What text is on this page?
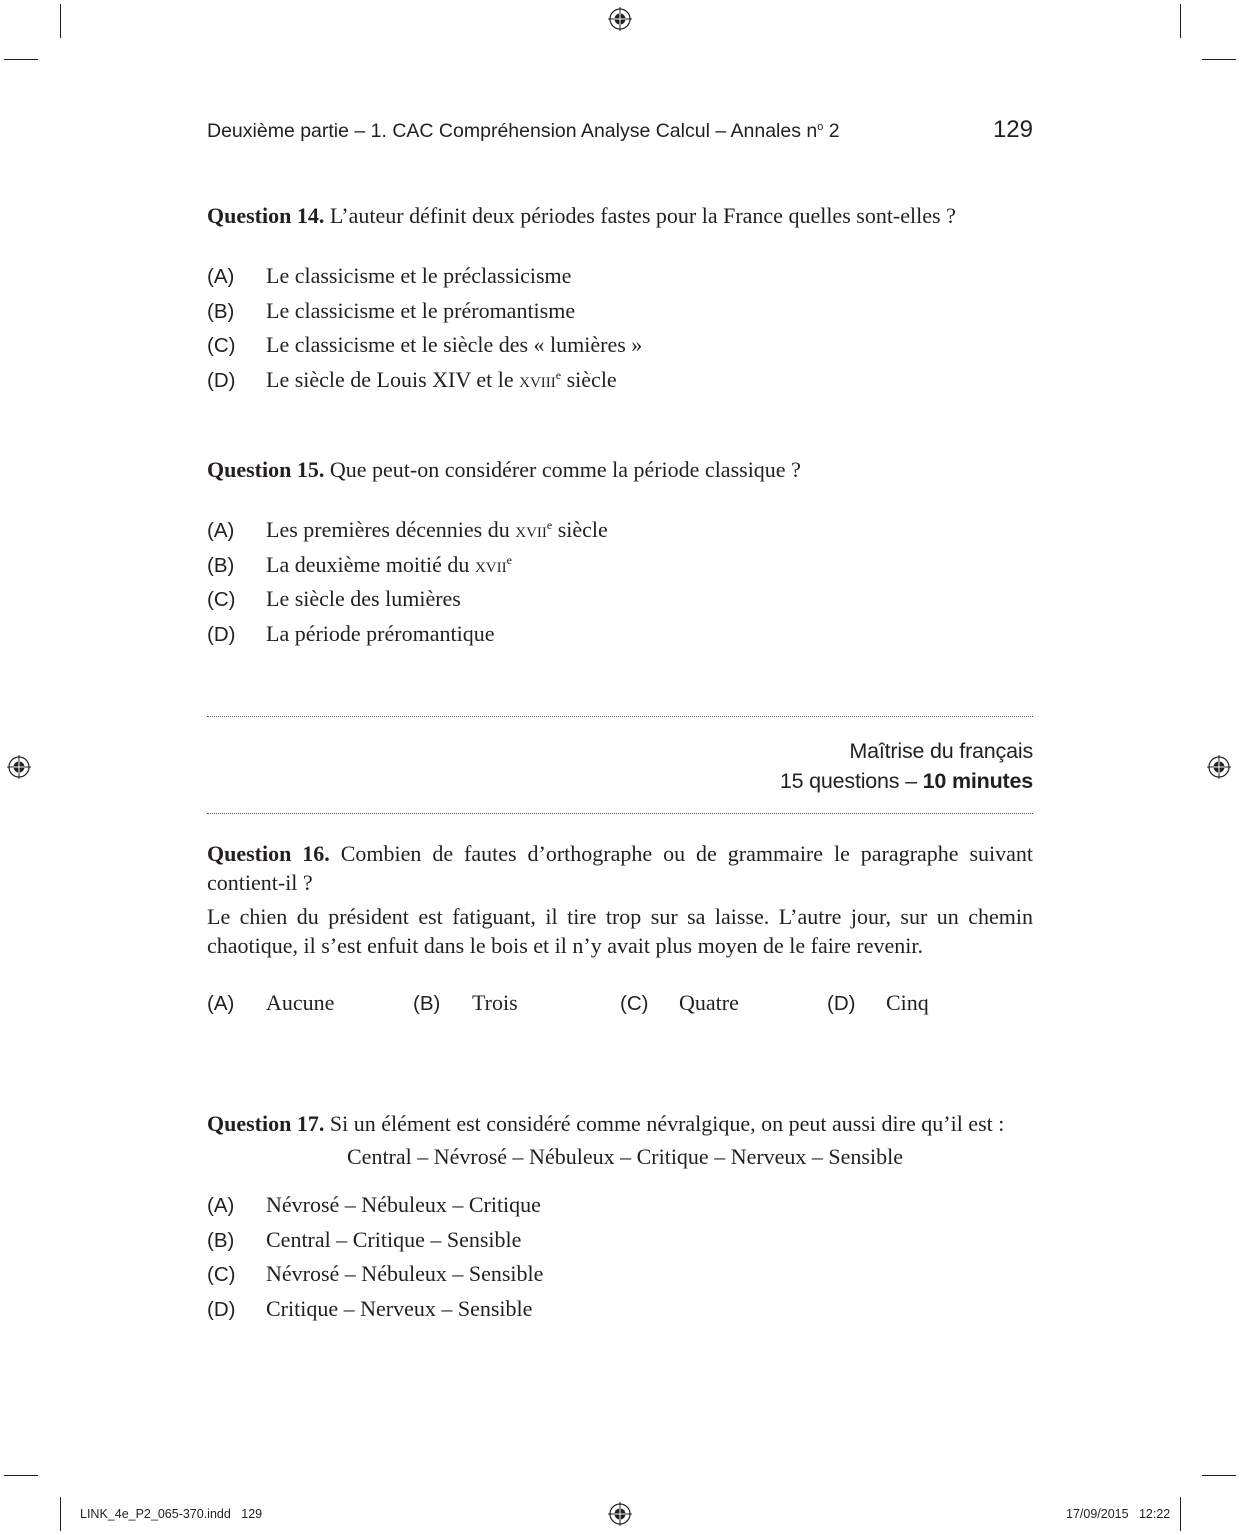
Deuxième partie – 1. CAC Compréhension Analyse Calcul – Annales $n^o$ 2	129
Question 14. L’auteur définit deux périodes fastes pour la France quelles sont-elles ?
(A) Le classicisme et le préclassicisme
(B) Le classicisme et le préromantisme
(C) Le classicisme et le siècle des « lumières »
(D) Le siècle de Louis XIV et le xviii$^e$ siècle
Question 15. Que peut-on considérer comme la période classique ?
(A) Les premières décennies du xvii$^e$ siècle
(B) La deuxième moitié du xvii$^e$
(C) Le siècle des lumières
(D) La période préromantique
Maîtrise du français
15 questions – 10 minutes
Question 16. Combien de fautes d’orthographe ou de grammaire le paragraphe suivant contient-il ?
Le chien du président est fatiguant, il tire trop sur sa laisse. L’autre jour, sur un chemin chaotique, il s’est enfuit dans le bois et il n’y avait plus moyen de le faire revenir.
(A) Aucune	(B) Trois	(C) Quatre	(D) Cinq
Question 17. Si un élément est considéré comme névralgique, on peut aussi dire qu’il est :
Central – Névrosé – Nébuleux – Critique – Nerveux – Sensible
(A) Névrosé – Nébuleux – Critique
(B) Central – Critique – Sensible
(C) Névrosé – Nébuleux – Sensible
(D) Critique – Nerveux – Sensible
LINK_4e_P2_065-370.indd   129	17/09/2015   12:22
